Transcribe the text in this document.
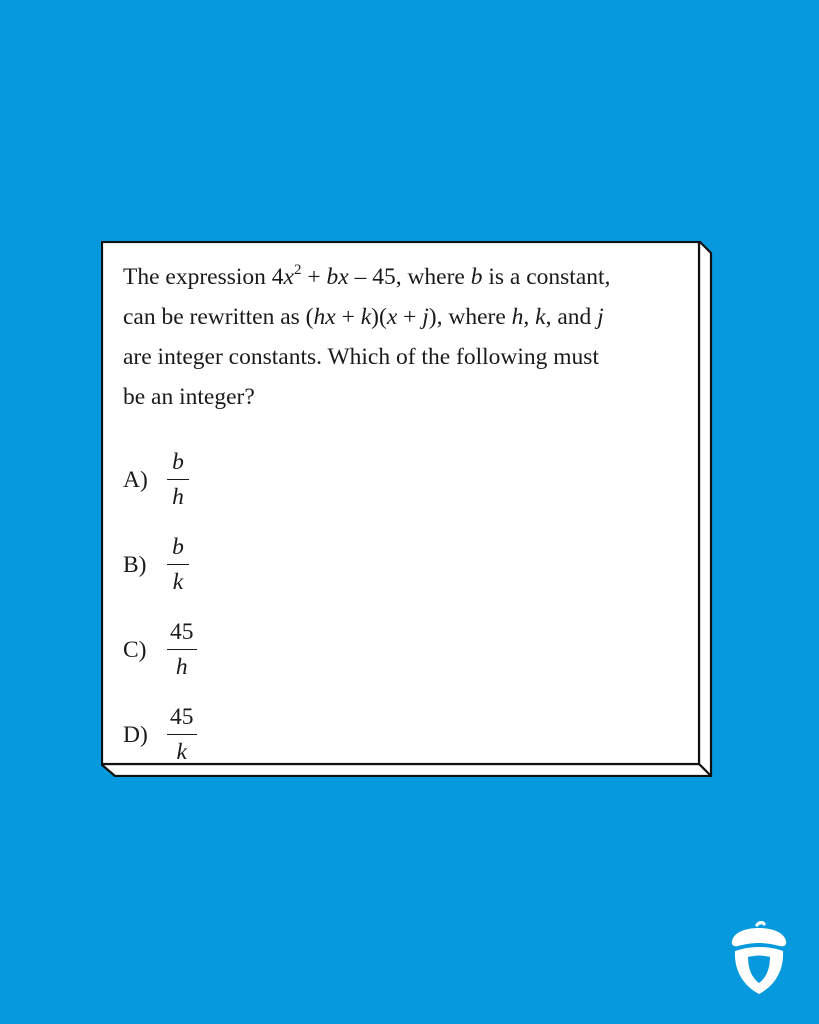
The expression $4x^2$ + bx – 45, where b is a constant,
can be rewritten as (hx + k)(x + j), where h, k, and j
are integer constants. Which of the following must
be an integer?
$A) \frac{b}{h}$
$B) \frac{b}{k}$
$C) \frac{45}{h}$
$D) \frac{45}{k}$
